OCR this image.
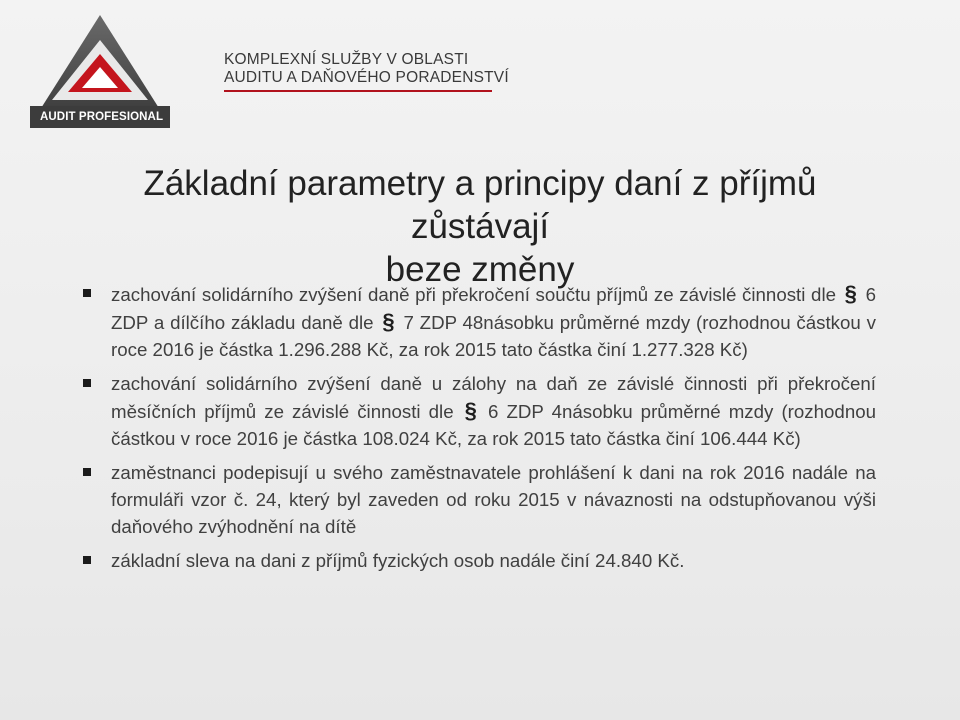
AUDIT PROFESIONAL
KOMPLEXNÍ SLUŽBY V OBLASTI
AUDITU A DAŇOVÉHO PORADENSTVÍ
Základní parametry a principy daní z příjmů zůstávají
beze změny
zachování solidárního zvýšení daně při překročení součtu příjmů ze závislé činnosti dle § 6 ZDP a dílčího základu daně dle § 7 ZDP 48násobku průměrné mzdy (rozhodnou částkou v roce 2016 je částka 1.296.288 Kč, za rok 2015 tato částka činí 1.277.328 Kč)
zachování solidárního zvýšení daně u zálohy na daň ze závislé činnosti při překročení měsíčních příjmů ze závislé činnosti dle § 6 ZDP 4násobku průměrné mzdy (rozhodnou částkou v roce 2016 je částka 108.024 Kč, za rok 2015 tato částka činí 106.444 Kč)
zaměstnanci podepisují u svého zaměstnavatele prohlášení k dani na rok 2016 nadále na formuláři vzor č. 24, který byl zaveden od roku 2015 v návaznosti na odstupňovanou výši daňového zvýhodnění na dítě
základní sleva na dani z příjmů fyzických osob nadále činí 24.840 Kč.
